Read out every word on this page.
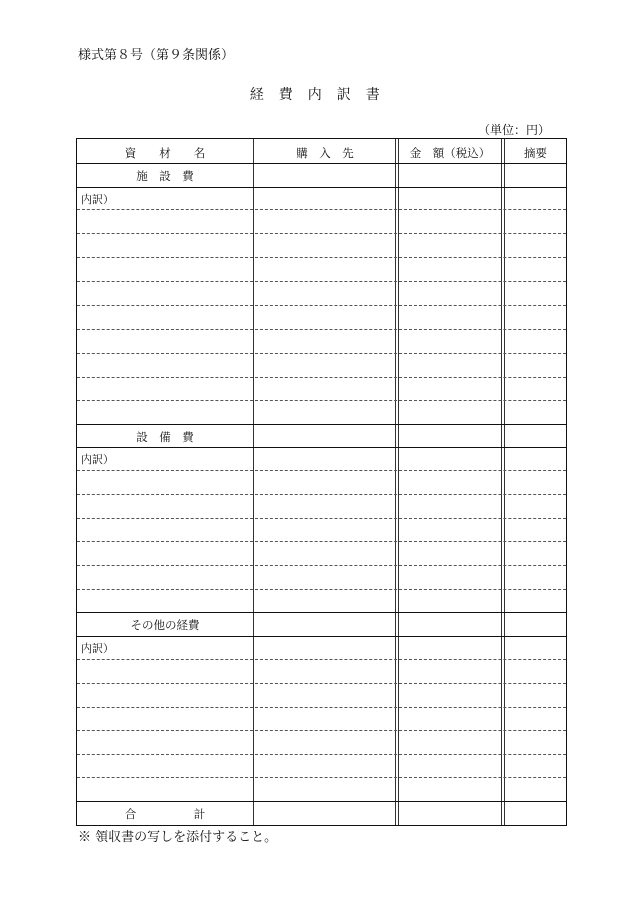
様式第８号（第９条関係）
経　費　内　訳　書
（単位：円）
資　　材　　名	購　入　先	金　額（税込）	摘要
施　設　費
内訳）
設　備　費
内訳）
その他の経費
内訳）
合　　　　　計
※ 領収書の写しを添付すること。
